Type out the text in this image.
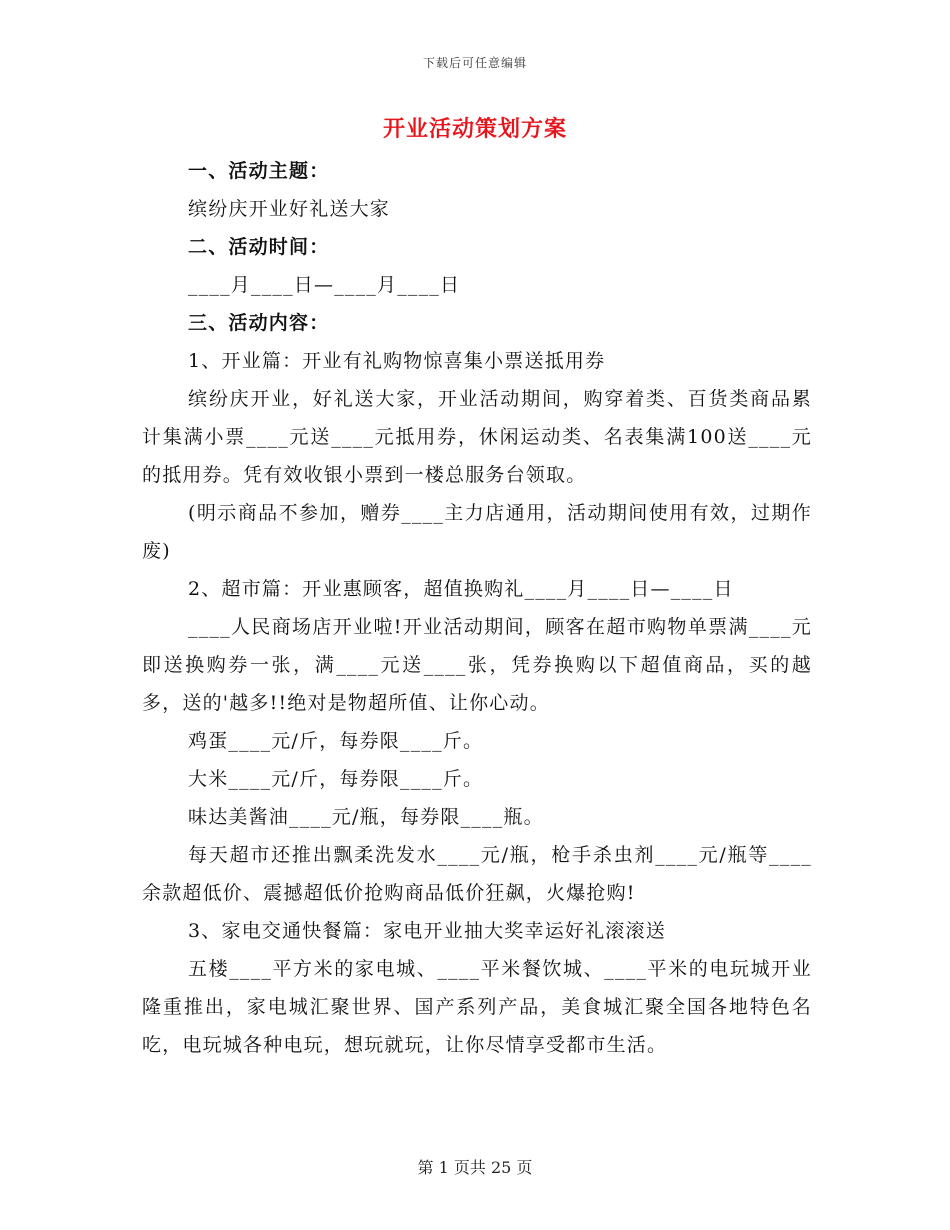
下载后可任意编辑
开业活动策划方案

一、活动主题：

缤纷庆开业好礼送大家

二、活动时间：

____月____日—____月____日

三、活动内容：

1、开业篇：开业有礼购物惊喜集小票送抵用券

缤纷庆开业，好礼送大家，开业活动期间，购穿着类、百货类商品累计集满小票____元送____元抵用券，休闲运动类、名表集满100送____元的抵用券。凭有效收银小票到一楼总服务台领取。

(明示商品不参加，赠券____主力店通用，活动期间使用有效，过期作废)

2、超市篇：开业惠顾客，超值换购礼____月____日—____日

____人民商场店开业啦!开业活动期间，顾客在超市购物单票满____元即送换购券一张，满____元送____张，凭券换购以下超值商品，买的越多，送的'越多!!绝对是物超所值、让你心动。

鸡蛋____元/斤，每券限____斤。

大米____元/斤，每券限____斤。

味达美酱油____元/瓶，每券限____瓶。

每天超市还推出飘柔洗发水____元/瓶，枪手杀虫剂____元/瓶等____余款超低价、震撼超低价抢购商品低价狂飙，火爆抢购!

3、家电交通快餐篇：家电开业抽大奖幸运好礼滚滚送

五楼____平方米的家电城、____平米餐饮城、____平米的电玩城开业隆重推出，家电城汇聚世界、国产系列产品，美食城汇聚全国各地特色名吃，电玩城各种电玩，想玩就玩，让你尽情享受都市生活。

第 1 页共 25 页
